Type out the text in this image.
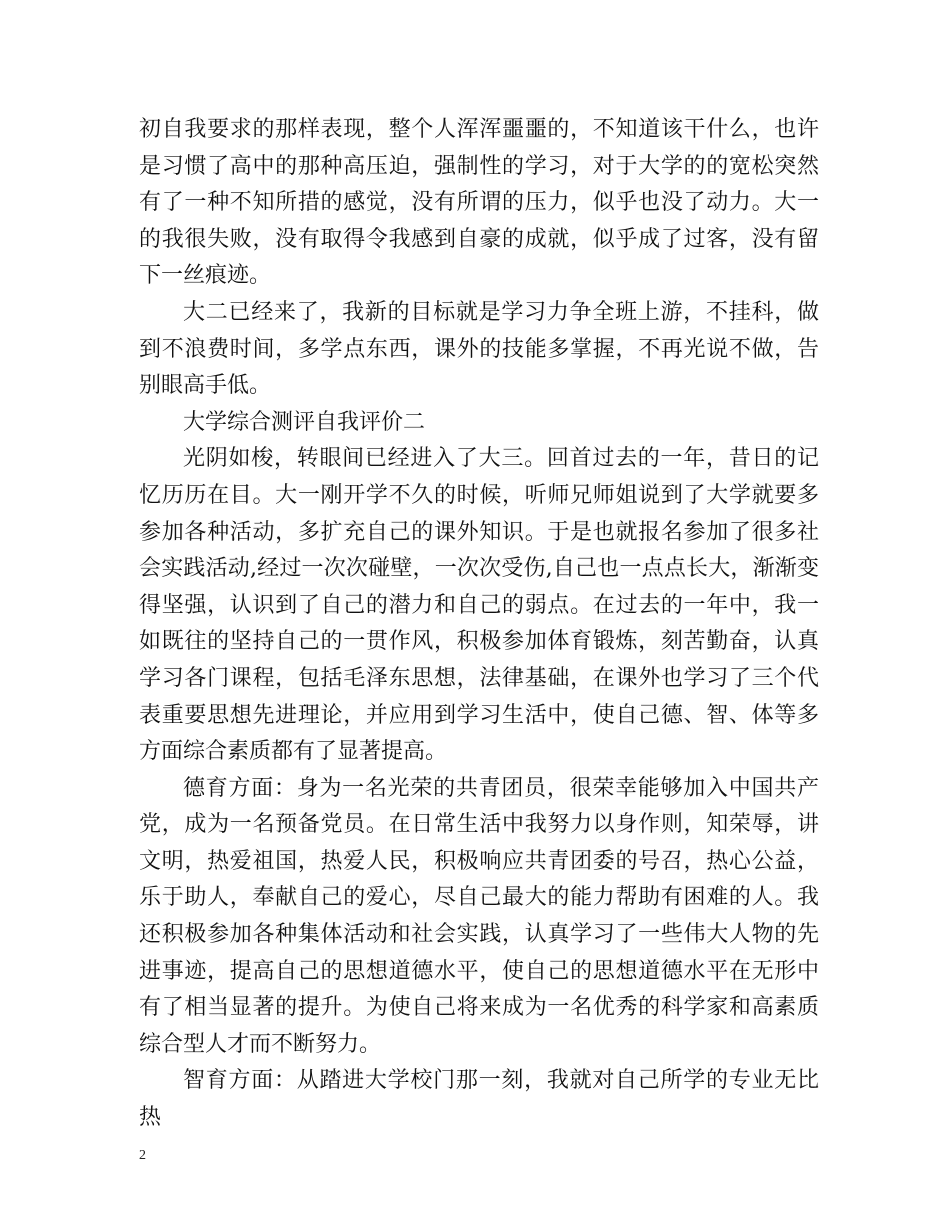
初自我要求的那样表现，整个人浑浑噩噩的，不知道该干什么，也许是习惯了高中的那种高压迫，强制性的学习，对于大学的的宽松突然有了一种不知所措的感觉，没有所谓的压力，似乎也没了动力。大一的我很失败，没有取得令我感到自豪的成就，似乎成了过客，没有留下一丝痕迹。

大二已经来了，我新的目标就是学习力争全班上游，不挂科，做到不浪费时间，多学点东西，课外的技能多掌握，不再光说不做，告别眼高手低。

大学综合测评自我评价二

光阴如梭，转眼间已经进入了大三。回首过去的一年，昔日的记忆历历在目。大一刚开学不久的时候，听师兄师姐说到了大学就要多参加各种活动，多扩充自己的课外知识。于是也就报名参加了很多社会实践活动,经过一次次碰壁，一次次受伤,自己也一点点长大，渐渐变得坚强，认识到了自己的潜力和自己的弱点。在过去的一年中，我一如既往的坚持自己的一贯作风，积极参加体育锻炼，刻苦勤奋，认真学习各门课程，包括毛泽东思想，法律基础，在课外也学习了三个代表重要思想先进理论，并应用到学习生活中，使自己德、智、体等多方面综合素质都有了显著提高。

德育方面：身为一名光荣的共青团员，很荣幸能够加入中国共产党，成为一名预备党员。在日常生活中我努力以身作则，知荣辱，讲文明，热爱祖国，热爱人民，积极响应共青团委的号召，热心公益，乐于助人，奉献自己的爱心，尽自己最大的能力帮助有困难的人。我还积极参加各种集体活动和社会实践，认真学习了一些伟大人物的先进事迹，提高自己的思想道德水平，使自己的思想道德水平在无形中有了相当显著的提升。为使自己将来成为一名优秀的科学家和高素质综合型人才而不断努力。

智育方面：从踏进大学校门那一刻，我就对自己所学的专业无比热

2
